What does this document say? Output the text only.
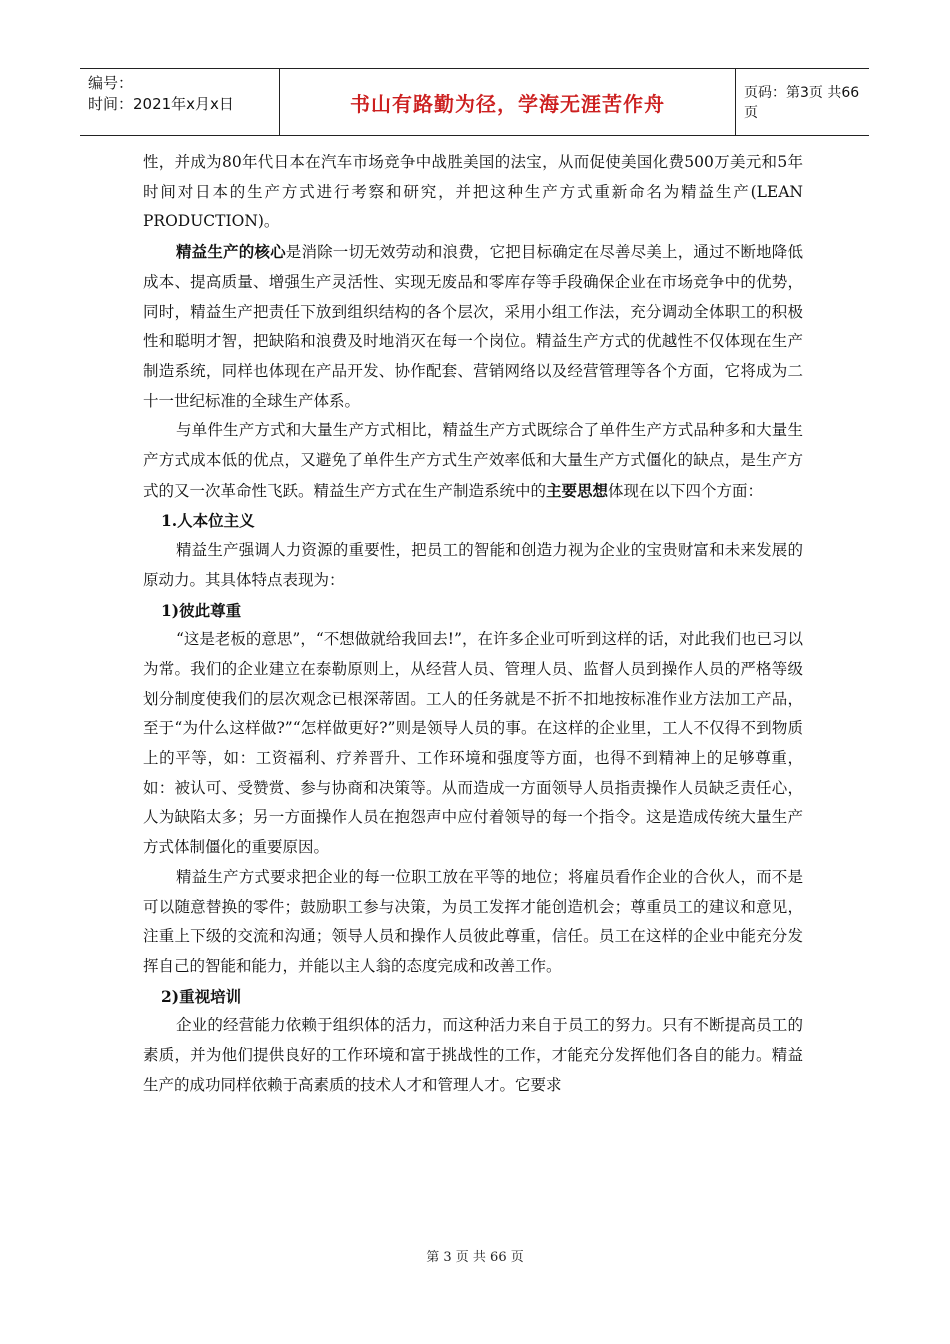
编号：
时间：2021年x月x日	书山有路勤为径，学海无涯苦作舟	页码：第3页 共66页

性，并成为80年代日本在汽车市场竞争中战胜美国的法宝，从而促使美国化费500万美元和5年时间对日本的生产方式进行考察和研究，并把这种生产方式重新命名为精益生产(LEAN PRODUCTION)。

精益生产的核心是消除一切无效劳动和浪费，它把目标确定在尽善尽美上，通过不断地降低成本、提高质量、增强生产灵活性、实现无废品和零库存等手段确保企业在市场竞争中的优势，同时，精益生产把责任下放到组织结构的各个层次，采用小组工作法，充分调动全体职工的积极性和聪明才智，把缺陷和浪费及时地消灭在每一个岗位。精益生产方式的优越性不仅体现在生产制造系统，同样也体现在产品开发、协作配套、营销网络以及经营管理等各个方面，它将成为二十一世纪标准的全球生产体系。

与单件生产方式和大量生产方式相比，精益生产方式既综合了单件生产方式品种多和大量生产方式成本低的优点，又避免了单件生产方式生产效率低和大量生产方式僵化的缺点，是生产方式的又一次革命性飞跃。精益生产方式在生产制造系统中的主要思想体现在以下四个方面：

1.人本位主义

精益生产强调人力资源的重要性，把员工的智能和创造力视为企业的宝贵财富和未来发展的原动力。其具体特点表现为：

1)彼此尊重

“这是老板的意思”，“不想做就给我回去!”，在许多企业可听到这样的话，对此我们也已习以为常。我们的企业建立在泰勒原则上，从经营人员、管理人员、监督人员到操作人员的严格等级划分制度使我们的层次观念已根深蒂固。工人的任务就是不折不扣地按标准作业方法加工产品，至于“为什么这样做?”“怎样做更好?”则是领导人员的事。在这样的企业里，工人不仅得不到物质上的平等，如：工资福利、疗养晋升、工作环境和强度等方面，也得不到精神上的足够尊重，如：被认可、受赞赏、参与协商和决策等。从而造成一方面领导人员指责操作人员缺乏责任心，人为缺陷太多；另一方面操作人员在抱怨声中应付着领导的每一个指令。这是造成传统大量生产方式体制僵化的重要原因。

精益生产方式要求把企业的每一位职工放在平等的地位；将雇员看作企业的合伙人，而不是可以随意替换的零件；鼓励职工参与决策，为员工发挥才能创造机会；尊重员工的建议和意见，注重上下级的交流和沟通；领导人员和操作人员彼此尊重，信任。员工在这样的企业中能充分发挥自己的智能和能力，并能以主人翁的态度完成和改善工作。

2)重视培训

企业的经营能力依赖于组织体的活力，而这种活力来自于员工的努力。只有不断提高员工的素质，并为他们提供良好的工作环境和富于挑战性的工作，才能充分发挥他们各自的能力。精益生产的成功同样依赖于高素质的技术人才和管理人才。它要求

第 3 页 共 66 页
